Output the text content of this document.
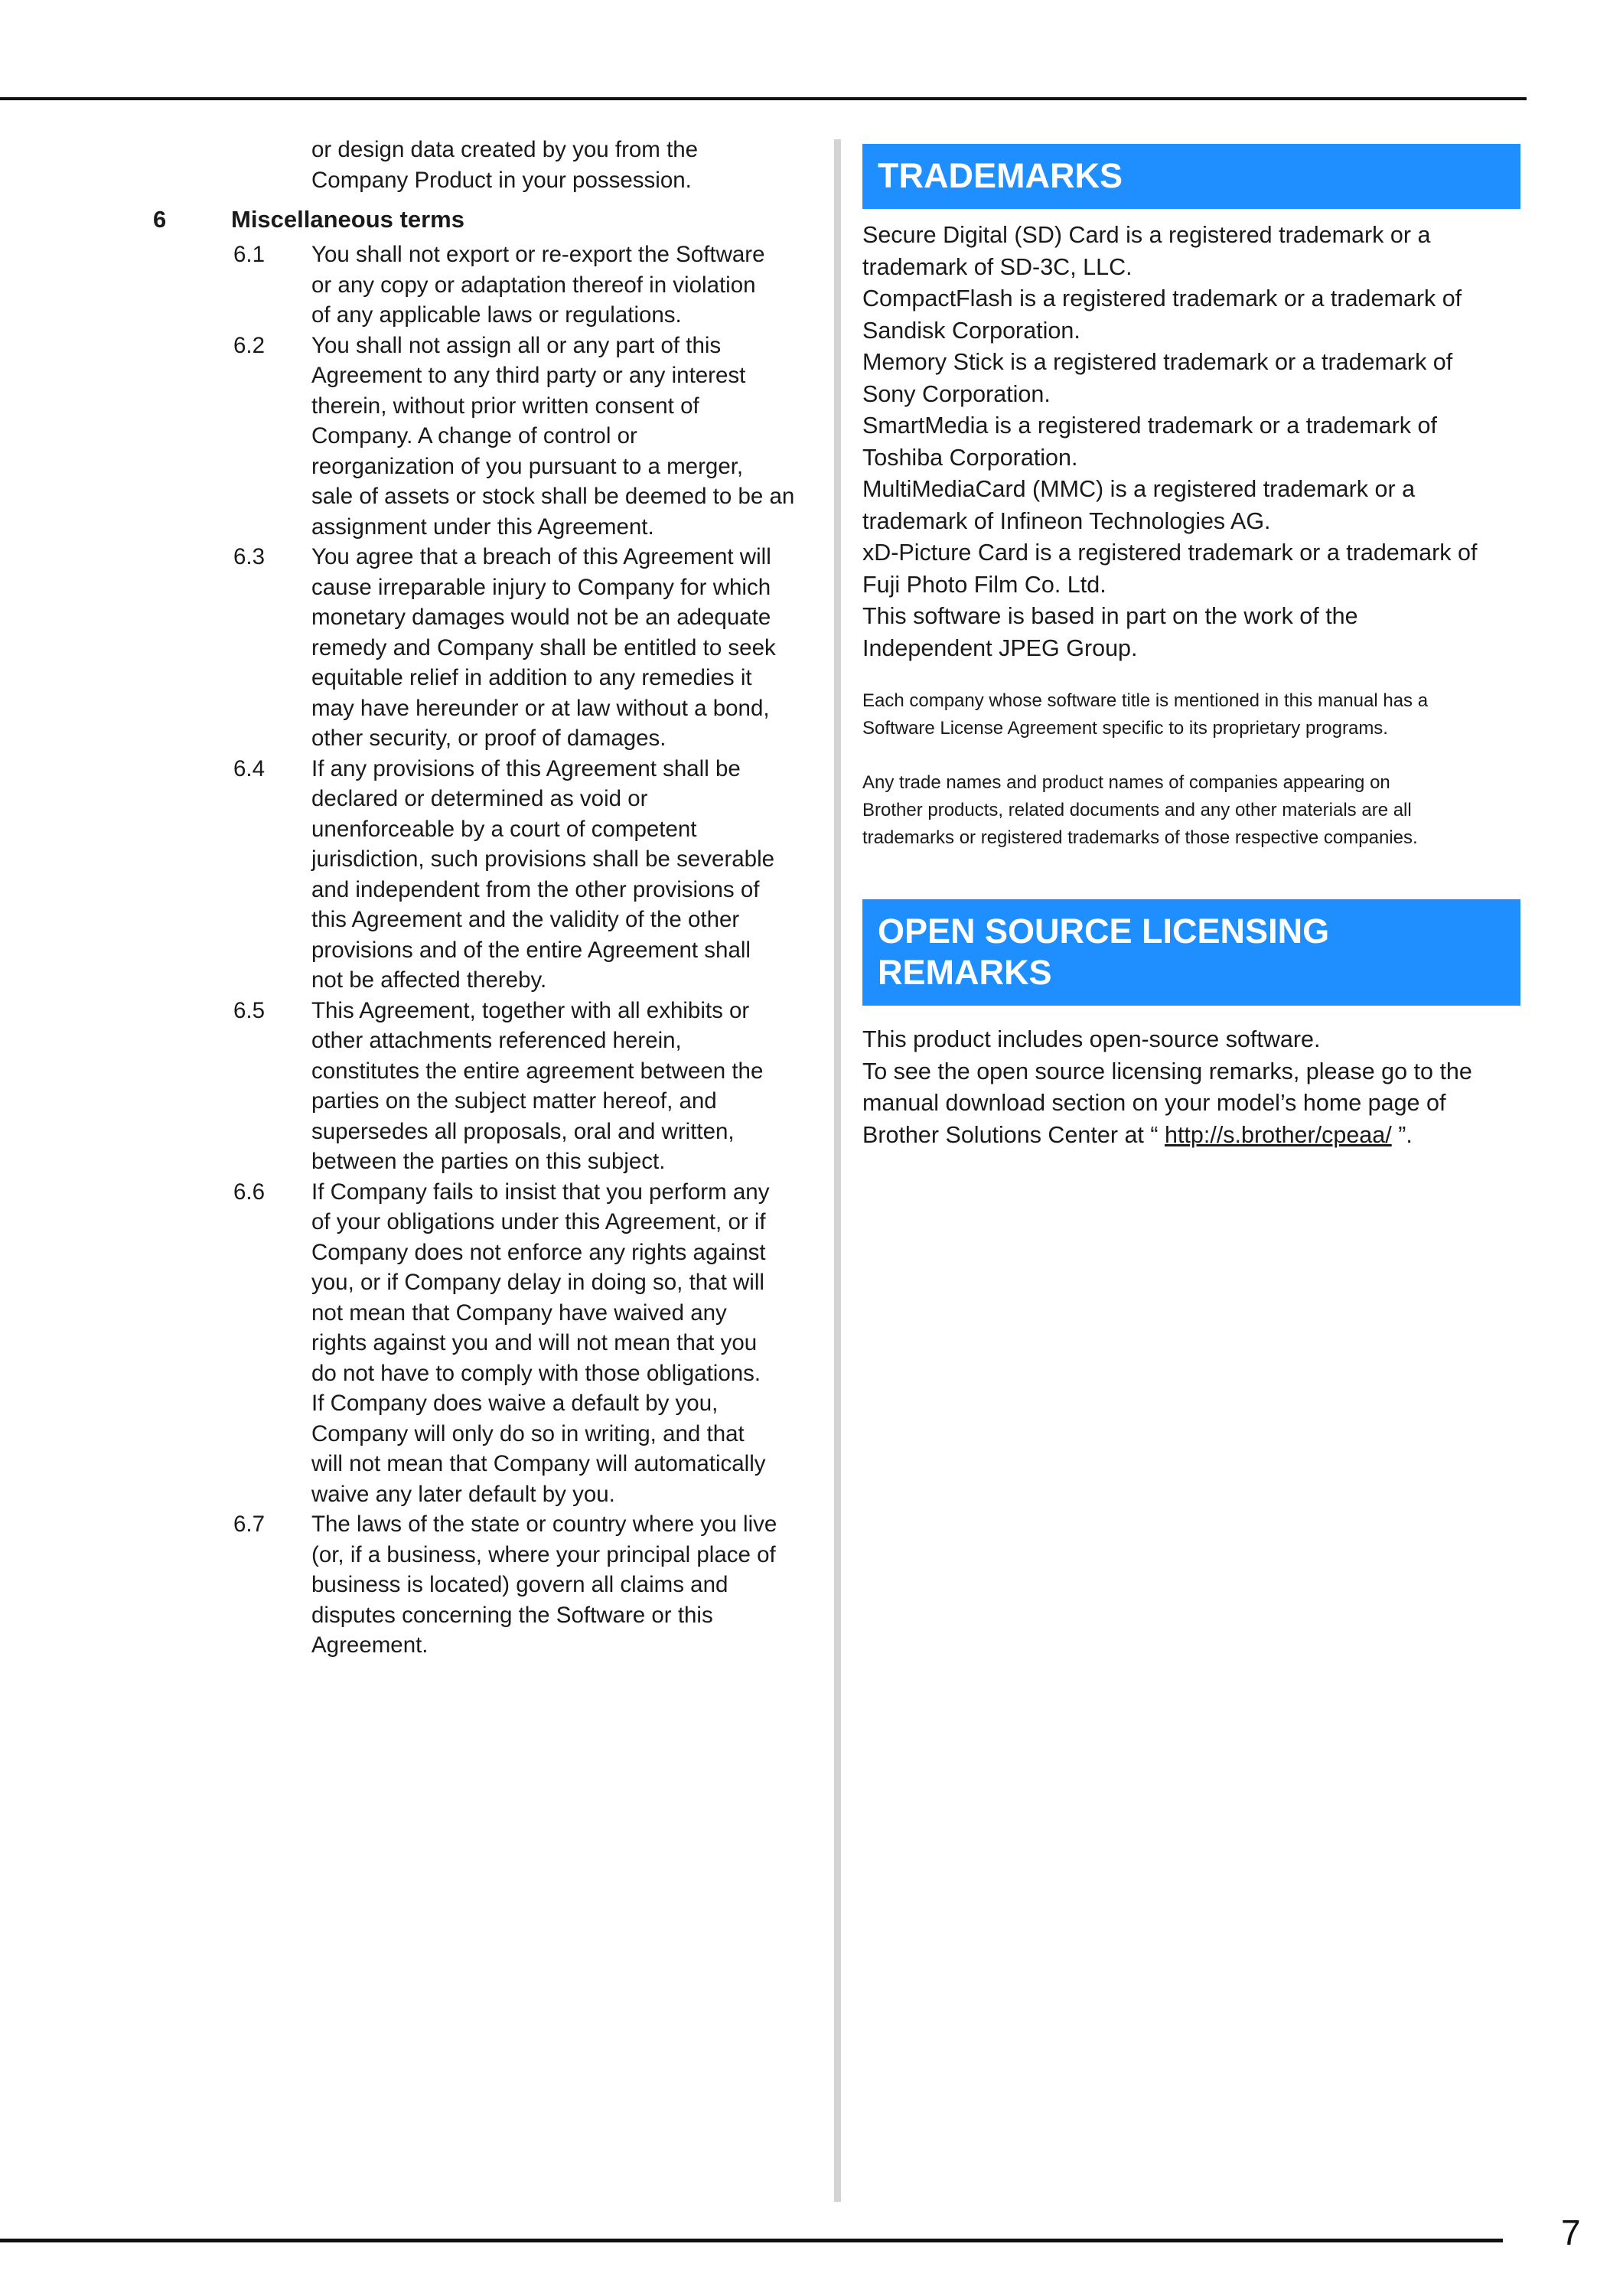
or design data created by you from the
Company Product in your possession.
6	Miscellaneous terms
6.1	You shall not export or re-export the Software
or any copy or adaptation thereof in violation
of any applicable laws or regulations.
6.2	You shall not assign all or any part of this
Agreement to any third party or any interest
therein, without prior written consent of
Company. A change of control or
reorganization of you pursuant to a merger,
sale of assets or stock shall be deemed to be an
assignment under this Agreement.
6.3	You agree that a breach of this Agreement will
cause irreparable injury to Company for which
monetary damages would not be an adequate
remedy and Company shall be entitled to seek
equitable relief in addition to any remedies it
may have hereunder or at law without a bond,
other security, or proof of damages.
6.4	If any provisions of this Agreement shall be
declared or determined as void or
unenforceable by a court of competent
jurisdiction, such provisions shall be severable
and independent from the other provisions of
this Agreement and the validity of the other
provisions and of the entire Agreement shall
not be affected thereby.
6.5	This Agreement, together with all exhibits or
other attachments referenced herein,
constitutes the entire agreement between the
parties on the subject matter hereof, and
supersedes all proposals, oral and written,
between the parties on this subject.
6.6	If Company fails to insist that you perform any
of your obligations under this Agreement, or if
Company does not enforce any rights against
you, or if Company delay in doing so, that will
not mean that Company have waived any
rights against you and will not mean that you
do not have to comply with those obligations.
If Company does waive a default by you,
Company will only do so in writing, and that
will not mean that Company will automatically
waive any later default by you.
6.7	The laws of the state or country where you live
(or, if a business, where your principal place of
business is located) govern all claims and
disputes concerning the Software or this
Agreement.
TRADEMARKS
Secure Digital (SD) Card is a registered trademark or a
trademark of SD-3C, LLC.
CompactFlash is a registered trademark or a trademark of
Sandisk Corporation.
Memory Stick is a registered trademark or a trademark of
Sony Corporation.
SmartMedia is a registered trademark or a trademark of
Toshiba Corporation.
MultiMediaCard (MMC) is a registered trademark or a
trademark of Infineon Technologies AG.
xD-Picture Card is a registered trademark or a trademark of
Fuji Photo Film Co. Ltd.
This software is based in part on the work of the
Independent JPEG Group.
Each company whose software title is mentioned in this manual has a
Software License Agreement specific to its proprietary programs.
Any trade names and product names of companies appearing on
Brother products, related documents and any other materials are all
trademarks or registered trademarks of those respective companies.
OPEN SOURCE LICENSING
REMARKS
This product includes open-source software.
To see the open source licensing remarks, please go to the
manual download section on your model’s home page of
Brother Solutions Center at “ http://s.brother/cpeaa/ ”.
7
